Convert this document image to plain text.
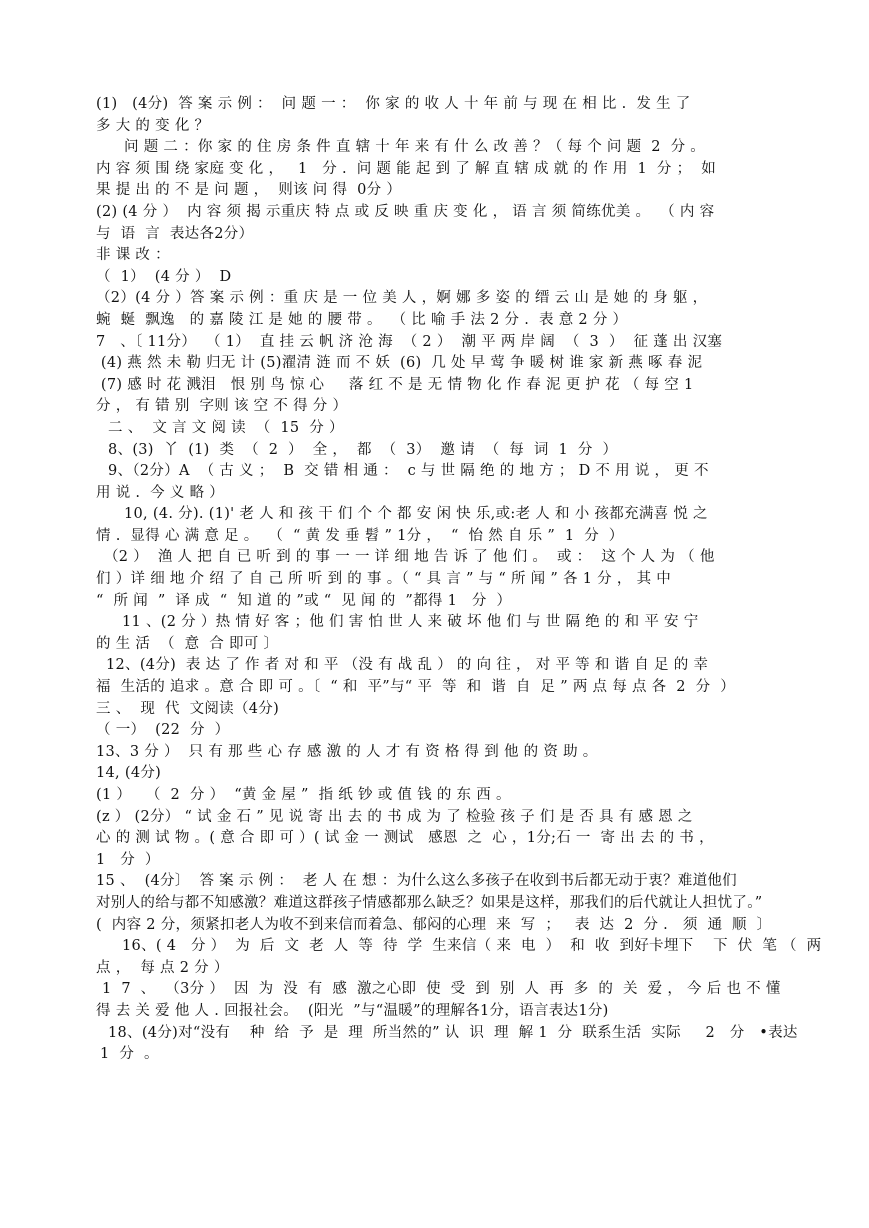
(1)   (4分)  答 案 示 例 ：  问 题 一 ：  你 家 的 收 人 十 年 前 与 现 在 相 比 .  发 生 了
多 大 的 变 化 ？
问 题 二 ：你 家 的 住 房 条 件 直 辖 十 年 来 有 什 么 改 善 ？（ 每 个 问 题  2  分 。
内 容 须 围 绕 家庭 变 化 ，   1   分 .  问 题 能 起 到 了 解 直 辖 成 就 的 作 用  1  分 ；  如
果 提 出 的 不 是 问 题 ，  则该 问 得  0分 ）
(2) (4 分 ）  内 容 须 揭 示重庆 特 点 或 反 映 重 庆 变 化 ， 语 言 须 简练优美 。  （ 内 容
与  语  言  表达各2分）
非 课 改 ：
（  1）  (4 分 ）  D
（2）(4 分 ）答 案 示 例 ：重 庆 是 一 位 美 人 ，婀 娜 多 姿 的 缙 云 山 是 她 的 身 躯 ，
蜿  蜒  飘逸   的 嘉 陵 江 是 她 的 腰 带 。  （ 比 喻 手 法 2 分 .  表 意 2 分 ）
7   、〔 11分）  （ 1）  直 挂 云 帆 济 沧 海  （ 2 ）  潮 平 两 岸 阔  （  3  ）  征 蓬 出 汉塞
(4) 燕 然 未 勒 归无 计 (5)濯清 涟 而 不 妖  (6)  几 处 早 莺 争 暖 树 谁 家 新 燕 啄 春 泥
(7) 感 时 花 溅泪   恨 别 鸟 惊 心     落 红 不 是 无 情 物 化 作 春 泥 更 护 花 （ 每 空 1
分 ， 有 错 别  字则 该 空 不 得 分 ）
二 、  文 言 文 阅 读  （  15  分 ）
8、(3)  丫  (1)  类  （  2  ）  全 ，  都  （  3）  邀 请  （  每  词  1  分  ）
9、（2分）A  （ 古 义 ；  B  交 错 相 通 ：  c 与 世 隔 绝 的 地 方 ； D 不 用 说 ， 更 不
用 说 .  今 义 略 ）
10, (4. 分). (1)' 老 人 和 孩 干 们 个 个 都 安 闲 快 乐,或:老 人 和 小 孩都充满喜 悦 之
情 .  显得 心 满 意 足 。  （  “ 黄 发 垂 髫 ” 1分 ，  “  怡 然 自 乐 ”  1  分  ）
（2 ）  渔 人 把 自 已 听 到 的 事 一 一 详 细 地 告 诉 了 他 们 。  或 ：  这 个 人 为 （ 他
们 ）详 细 地 介 绍 了 自 己 所 听 到 的 事 。（ “ 具 言 ” 与 “ 所 闻 ” 各 1 分 ， 其 中
“  所 闻  ”  译 成  “  知 道 的 ”或 “  见 闻 的  ”都得 1   分  ）
11 、(2 分 ）热 情 好 客 ；他 们 害 怕 世 人 来 破 坏 他 们 与 世 隔 绝 的 和 平 安 宁
的 生 活  （  意  合 即可 〕
12、(4分)  表 达 了 作 者 对 和 平 （没 有 战 乱 ） 的 向 往 ， 对 平 等 和 谐 自 足 的 幸
福  生活的 追求 。意 合 即 可 。〔  “ 和  平”与“ 平  等  和  谐  自  足 ” 两 点 每 点 各  2  分  ）
三 、  现  代  文阅读（4分)
（ 一）  (22  分  ）
13、3 分 ）  只 有 那 些 心 存 感 激 的 人 才 有 资 格 得 到 他 的 资 助 。
14, (4分)
(1 ）   （  2  分 ）  “黄 金 屋 ”  指 纸 钞 或 值 钱 的 东 西 。
(z ） (2分） “ 试 金 石 ” 见 说 寄 出 去 的 书 成 为 了 检验 孩 子 们 是 否 具 有 感 恩 之
心 的 测 试 物 。( 意 合 即 可 ）( 试 金 一 测试   感恩  之  心 ，1分;石 一  寄 出 去 的 书 ，
1   分  ）
15 、  (4分〕  答 案 示 例 ：  老 人 在 想 ：为什么这么多孩子在收到书后都无动于衷？难道他们
对别人的给与都不知感激？难道这群孩子情感都那么缺乏？如果是这样，那我们的后代就让人担忧了。”
(  内容 2 分，须紧扣老人为收不到来信而着急、郁闷的心理  来  写  ；   表  达  2  分 .   须  通  顺  〕
16、( 4   分 ）  为  后  文  老  人  等  待  学  生来信（ 来  电  ）  和  收  到好卡埋下    下  伏  笔 （  两
点 ，  每 点 2 分 ）
1  7  、  （3分 ）  因  为  没  有  感  激之心即  使  受  到  别  人  再  多  的  关  爱 ， 今 后 也 不 懂
得 去 关 爱 他 人 . 回报社会。  (阳光  ”与“温暖”的理解各1分，语言表达1分)
18、(4分)对“没有    种  给  予  是  理  所当然的” 认  识  理  解 1  分  联系生活  实际     2   分   •表达
1  分  。
